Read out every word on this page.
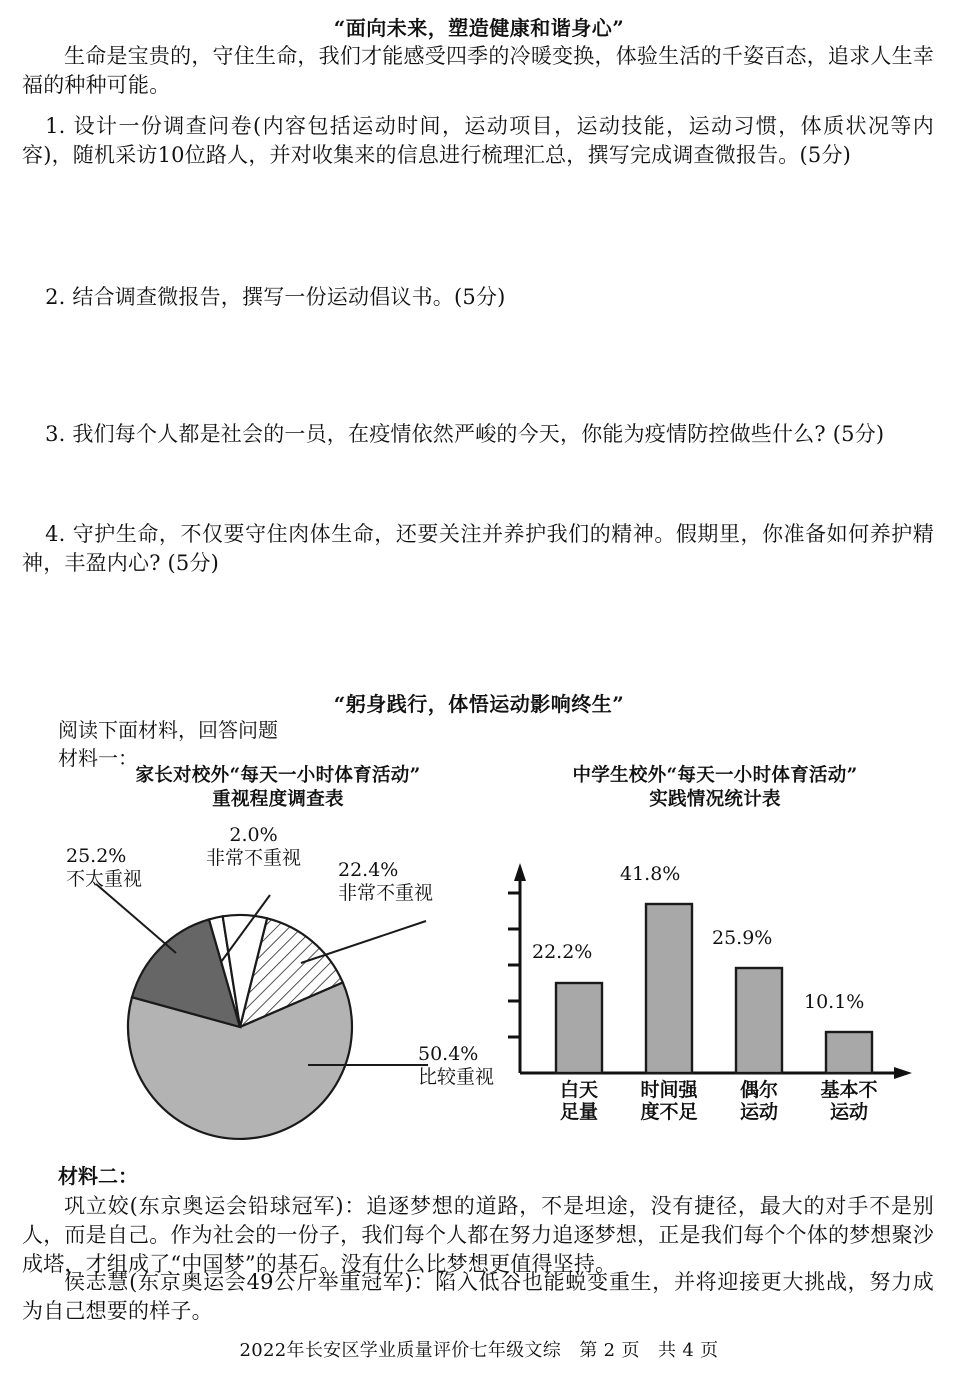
“面向未来，塑造健康和谐身心”

生命是宝贵的，守住生命，我们才能感受四季的冷暖变换，体验生活的千姿百态，追求人生幸福的种种可能。

1. 设计一份调查问卷(内容包括运动时间，运动项目，运动技能，运动习惯，体质状况等内容)，随机采访10位路人，并对收集来的信息进行梳理汇总，撰写完成调查微报告。(5分)

2. 结合调查微报告，撰写一份运动倡议书。(5分)

3. 我们每个人都是社会的一员，在疫情依然严峻的今天，你能为疫情防控做些什么? (5分)

4. 守护生命，不仅要守住肉体生命，还要关注并养护我们的精神。假期里，你准备如何养护精神，丰盈内心? (5分)

“躬身践行，体悟运动影响终生”
阅读下面材料，回答问题
材料一：
家长对校外“每天一小时体育活动”
重视程度调查表
2.0%
非常不重视
22.4%
非常不重视
25.2%
不太重视
50.4%
比较重视
中学生校外“每天一小时体育活动”
实践情况统计表
22.2%
41.8%
25.9%
10.1%
白天
足量
时间强
度不足
偶尔
运动
基本不
运动
材料二：

巩立姣(东京奥运会铅球冠军)：追逐梦想的道路，不是坦途，没有捷径，最大的对手不是别人，而是自己。作为社会的一份子，我们每个人都在努力追逐梦想，正是我们每个个体的梦想聚沙成塔，才组成了“中国梦”的基石。没有什么比梦想更值得坚持。

侯志慧(东京奥运会49公斤举重冠军)：陷入低谷也能蜕变重生，并将迎接更大挑战，努力成为自己想要的样子。

2022年长安区学业质量评价七年级文综　第 2 页　共 4 页
